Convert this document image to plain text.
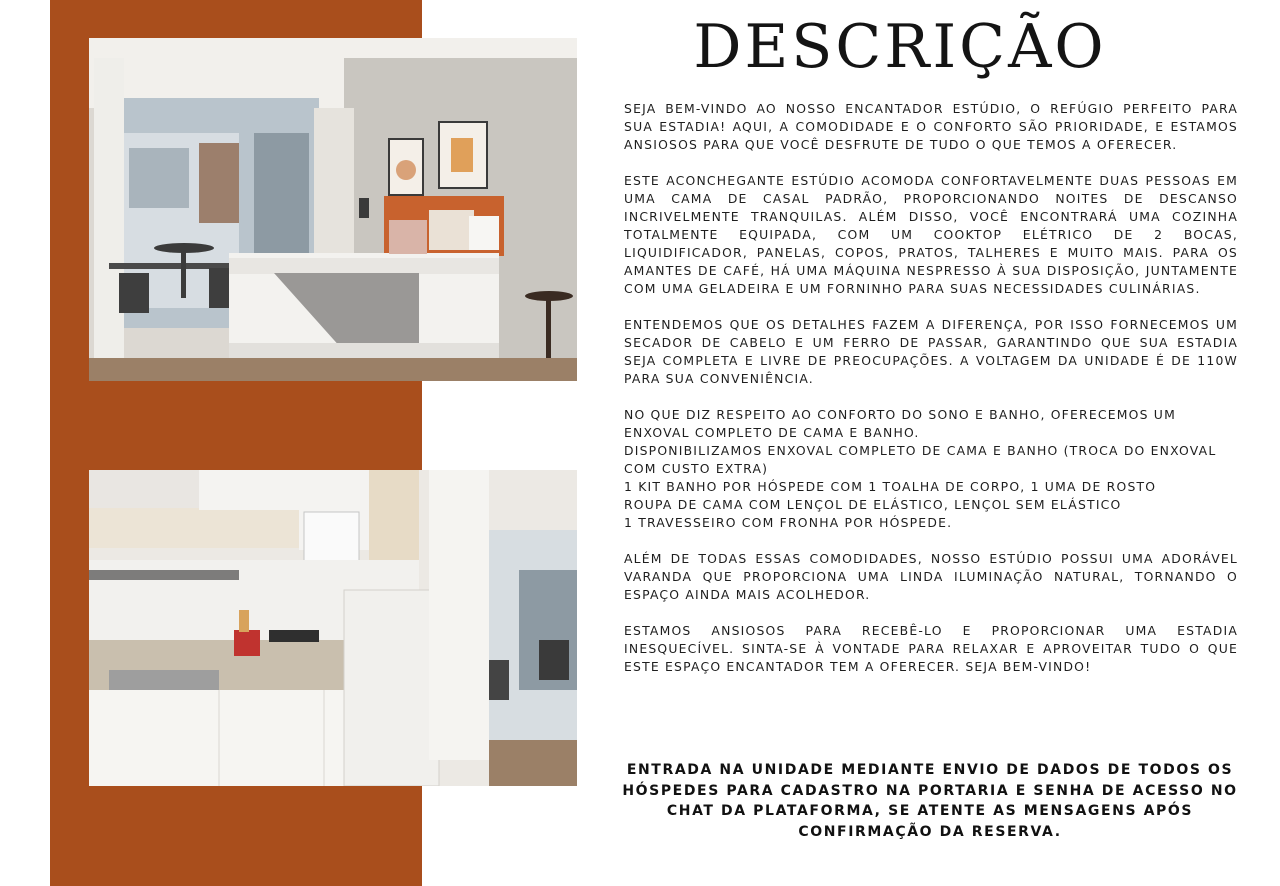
DESCRIÇÃO

SEJA BEM-VINDO AO NOSSO ENCANTADOR ESTÚDIO, O REFÚGIO PERFEITO PARA SUA ESTADIA! AQUI, A COMODIDADE E O CONFORTO SÃO PRIORIDADE, E ESTAMOS ANSIOSOS PARA QUE VOCÊ DESFRUTE DE TUDO O QUE TEMOS A OFERECER.

ESTE ACONCHEGANTE ESTÚDIO ACOMODA CONFORTAVELMENTE DUAS PESSOAS EM UMA CAMA DE CASAL PADRÃO, PROPORCIONANDO NOITES DE DESCANSO INCRIVELMENTE TRANQUILAS. ALÉM DISSO, VOCÊ ENCONTRARÁ UMA COZINHA TOTALMENTE EQUIPADA, COM UM COOKTOP ELÉTRICO DE 2 BOCAS, LIQUIDIFICADOR, PANELAS, COPOS, PRATOS, TALHERES E MUITO MAIS. PARA OS AMANTES DE CAFÉ, HÁ UMA MÁQUINA NESPRESSO À SUA DISPOSIÇÃO, JUNTAMENTE COM UMA GELADEIRA E UM FORNINHO PARA SUAS NECESSIDADES CULINÁRIAS.

ENTENDEMOS QUE OS DETALHES FAZEM A DIFERENÇA, POR ISSO FORNECEMOS UM SECADOR DE CABELO E UM FERRO DE PASSAR, GARANTINDO QUE SUA ESTADIA SEJA COMPLETA E LIVRE DE PREOCUPAÇÕES. A VOLTAGEM DA UNIDADE É DE 110W PARA SUA CONVENIÊNCIA.

NO QUE DIZ RESPEITO AO CONFORTO DO SONO E BANHO, OFERECEMOS UM ENXOVAL COMPLETO DE CAMA E BANHO.

DISPONIBILIZAMOS ENXOVAL COMPLETO DE CAMA E BANHO (TROCA DO ENXOVAL COM CUSTO EXTRA)

1 KIT BANHO POR HÓSPEDE COM 1 TOALHA DE CORPO, 1 UMA DE ROSTO

ROUPA DE CAMA COM LENÇOL DE ELÁSTICO, LENÇOL SEM ELÁSTICO

1 TRAVESSEIRO COM FRONHA POR HÓSPEDE.

ALÉM DE TODAS ESSAS COMODIDADES, NOSSO ESTÚDIO POSSUI UMA ADORÁVEL VARANDA QUE PROPORCIONA UMA LINDA ILUMINAÇÃO NATURAL, TORNANDO O ESPAÇO AINDA MAIS ACOLHEDOR.

ESTAMOS ANSIOSOS PARA RECEBÊ-LO E PROPORCIONAR UMA ESTADIA INESQUECÍVEL. SINTA-SE À VONTADE PARA RELAXAR E APROVEITAR TUDO O QUE ESTE ESPAÇO ENCANTADOR TEM A OFERECER. SEJA BEM-VINDO!

ENTRADA NA UNIDADE MEDIANTE ENVIO DE DADOS DE TODOS OS HÓSPEDES PARA CADASTRO NA PORTARIA E SENHA DE ACESSO NO CHAT DA PLATAFORMA, SE ATENTE AS MENSAGENS APÓS CONFIRMAÇÃO DA RESERVA.
